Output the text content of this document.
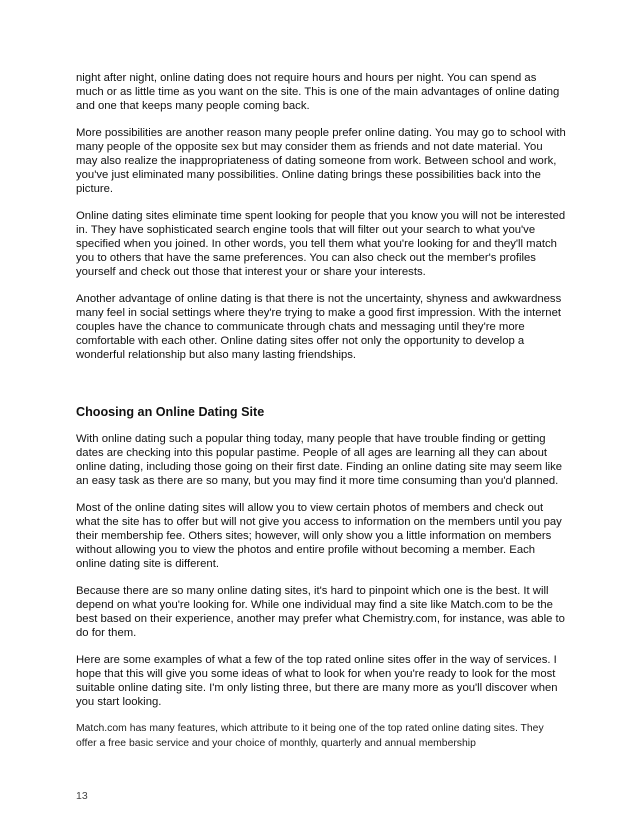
night after night, online dating does not require hours and hours per night. You can spend as much or as little time as you want on the site. This is one of the main advantages of online dating and one that keeps many people coming back.

More possibilities are another reason many people prefer online dating. You may go to school with many people of the opposite sex but may consider them as friends and not date material. You may also realize the inappropriateness of dating someone from work. Between school and work, you've just eliminated many possibilities. Online dating brings these possibilities back into the picture.

Online dating sites eliminate time spent looking for people that you know you will not be interested in. They have sophisticated search engine tools that will filter out your search to what you've specified when you joined. In other words, you tell them what you're looking for and they'll match you to others that have the same preferences. You can also check out the member's profiles yourself and check out those that interest your or share your interests.

Another advantage of online dating is that there is not the uncertainty, shyness and awkwardness many feel in social settings where they're trying to make a good first impression. With the internet couples have the chance to communicate through chats and messaging until they're more comfortable with each other. Online dating sites offer not only the opportunity to develop a wonderful relationship but also many lasting friendships.

Choosing an Online Dating Site

With online dating such a popular thing today, many people that have trouble finding or getting dates are checking into this popular pastime. People of all ages are learning all they can about online dating, including those going on their first date. Finding an online dating site may seem like an easy task as there are so many, but you may find it more time consuming than you'd planned.

Most of the online dating sites will allow you to view certain photos of members and check out what the site has to offer but will not give you access to information on the members until you pay their membership fee. Others sites; however, will only show you a little information on members without allowing you to view the photos and entire profile without becoming a member. Each online dating site is different.

Because there are so many online dating sites, it's hard to pinpoint which one is the best. It will depend on what you're looking for. While one individual may find a site like Match.com to be the best based on their experience, another may prefer what Chemistry.com, for instance, was able to do for them.

Here are some examples of what a few of the top rated online sites offer in the way of services. I hope that this will give you some ideas of what to look for when you're ready to look for the most suitable online dating site. I'm only listing three, but there are many more as you'll discover when you start looking.

Match.com has many features, which attribute to it being one of the top rated online dating sites. They offer a free basic service and your choice of monthly, quarterly and annual membership

13
